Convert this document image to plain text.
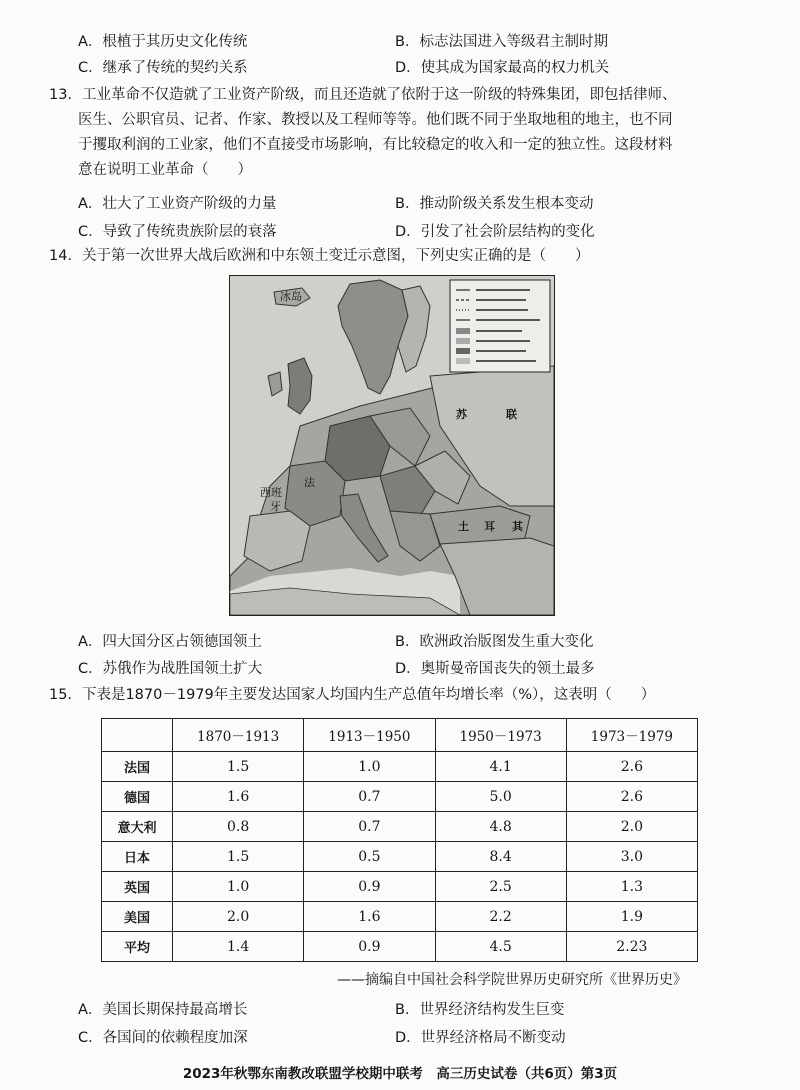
A．根植于其历史文化传统	B．标志法国进入等级君主制时期
C．继承了传统的契约关系	D．使其成为国家最高的权力机关
13．工业革命不仅造就了工业资产阶级，而且还造就了依附于这一阶级的特殊集团，即包括律师、
医生、公职官员、记者、作家、教授以及工程师等等。他们既不同于坐取地租的地主，也不同
于攫取利润的工业家，他们不直接受市场影响，有比较稳定的收入和一定的独立性。这段材料
意在说明工业革命（　　）
A．壮大了工业资产阶级的力量	B．推动阶级关系发生根本变动
C．导致了传统贵族阶层的衰落	D．引发了社会阶层结构的变化
14．关于第一次世界大战后欧洲和中东领土变迁示意图，下列史实正确的是（　　）
冰岛
苏	联
西班
牙
土 耳 其
法
A．四大国分区占领德国领土	B．欧洲政治版图发生重大变化
C．苏俄作为战胜国领土扩大	D．奥斯曼帝国丧失的领土最多
15．下表是1870－1979年主要发达国家人均国内生产总值年均增长率（%），这表明（　　）
	1870－1913	1913－1950	1950－1973	1973－1979
法国	1.5	1.0	4.1	2.6
德国	1.6	0.7	5.0	2.6
意大利	0.8	0.7	4.8	2.0
日本	1.5	0.5	8.4	3.0
英国	1.0	0.9	2.5	1.3
美国	2.0	1.6	2.2	1.9
平均	1.4	0.9	4.5	2.23
——摘编自中国社会科学院世界历史研究所《世界历史》
A．美国长期保持最高增长	B．世界经济结构发生巨变
C．各国间的依赖程度加深	D．世界经济格局不断变动
2023年秋鄂东南教改联盟学校期中联考　高三历史试卷（共6页）第3页
